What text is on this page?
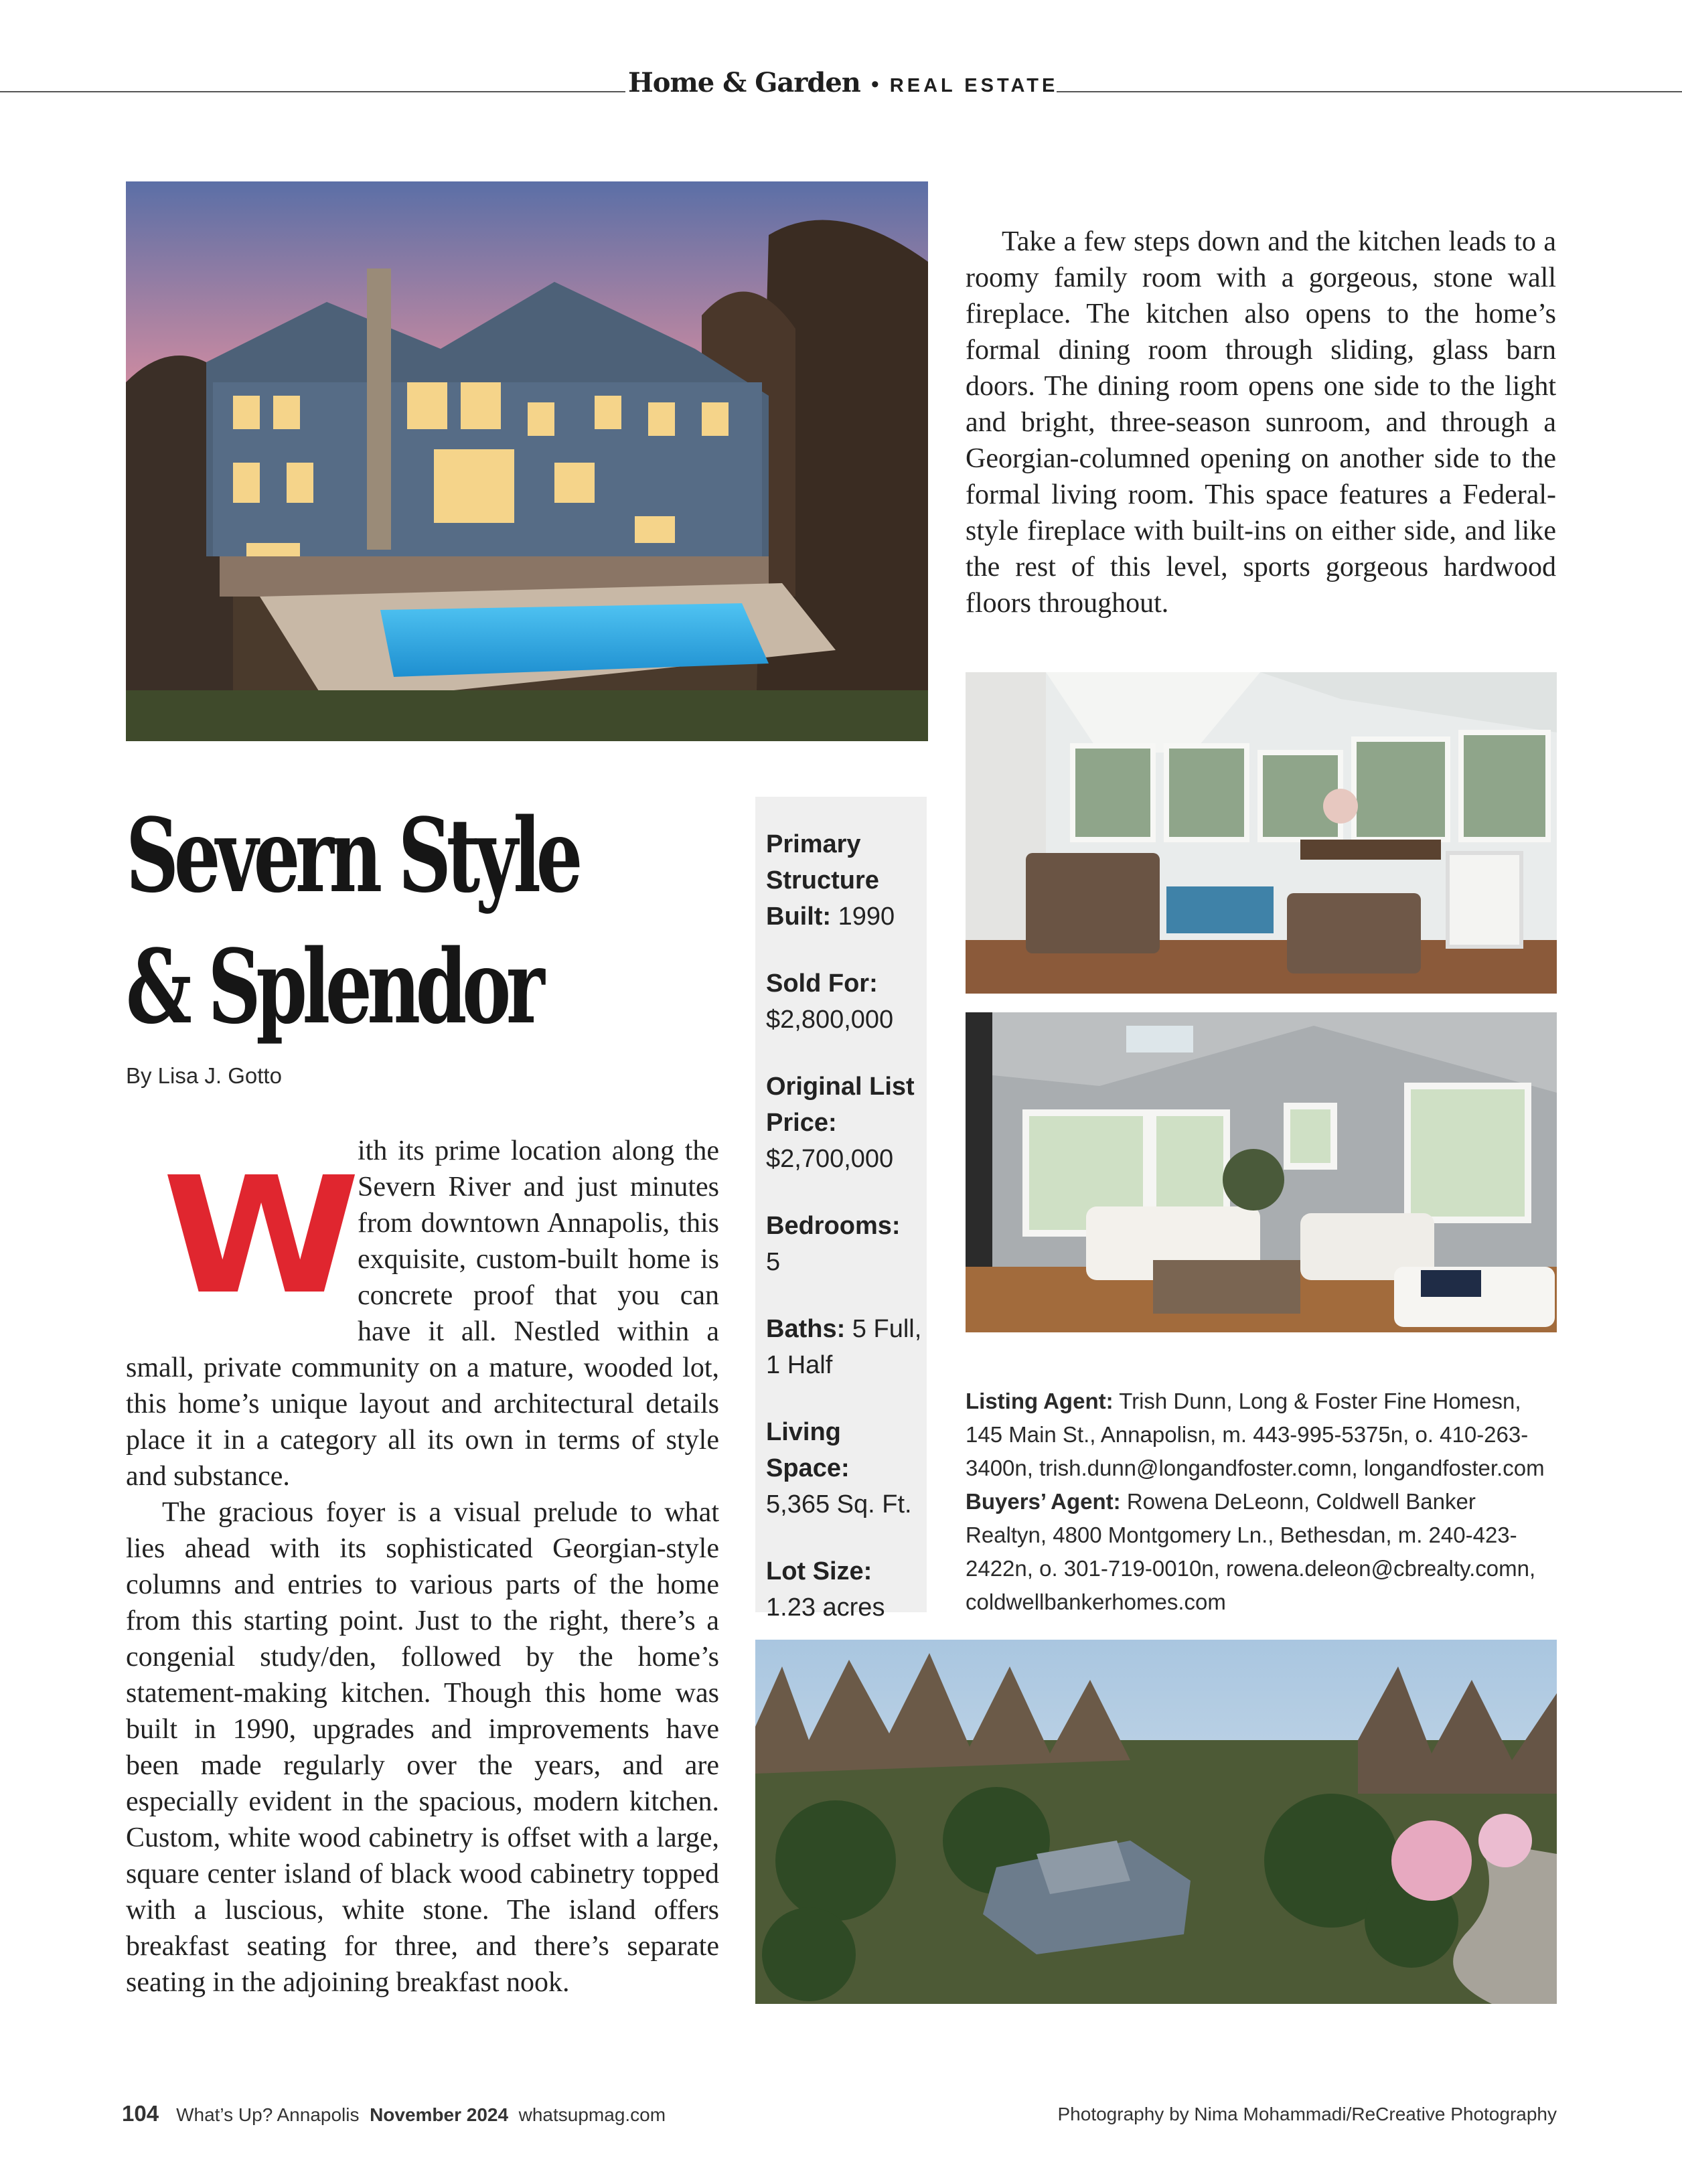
Home & Garden • REAL ESTATE
Severn Style
& Splendor
By Lisa J. Gotto
W

ith its prime location along the Severn River and just minutes from downtown Annapolis, this exquisite, custom-built home is concrete proof that you can have it all. Nestled within a small, private community on a mature, wooded lot, this home’s unique layout and architectural details place it in a category all its own in terms of style and substance.

The gracious foyer is a visual prelude to what lies ahead with its sophisticated Georgian-style columns and entries to various parts of the home from this starting point. Just to the right, there’s a congenial study/den, followed by the home’s statement-making kitchen. Though this home was built in 1990, upgrades and improvements have been made regularly over the years, and are especially evident in the spacious, modern kitchen. Custom, white wood cabinetry is offset with a large, square center island of black wood cabinetry topped with a luscious, white stone. The island offers breakfast seating for three, and there’s separate seating in the adjoining breakfast nook.

Take a few steps down and the kitchen leads to a roomy family room with a gorgeous, stone wall fireplace. The kitchen also opens to the home’s formal dining room through sliding, glass barn doors. The dining room opens one side to the light and bright, three-season sunroom, and through a Georgian-columned opening on another side to the formal living room. This space features a Federal-style fireplace with built-ins on either side, and like the rest of this level, sports gorgeous hardwood floors throughout.

Primary Structure Built: 1990
Sold For:
$2,800,000
Original List Price:
$2,700,000
Bedrooms:
5
Baths: 5 Full, 1 Half
Living Space:
5,365 Sq. Ft.
Lot Size:
1.23 acres
Listing Agent: Trish Dunn, Long & Foster Fine Homesn, 145 Main St., Annapolisn, m. 443-995-5375n, o. 410-263-3400n, trish.dunn@longandfoster.comn, longandfoster.com Buyers’ Agent: Rowena DeLeonn, Coldwell Banker Realtyn, 4800 Montgomery Ln., Bethesdan, m. 240-423-2422n, o. 301-719-0010n, rowena.deleon@cbrealty.comn, coldwellbankerhomes.com
104 What’s Up? Annapolis November 2024 whatsupmag.com	Photography by Nima Mohammadi/ReCreative Photography
